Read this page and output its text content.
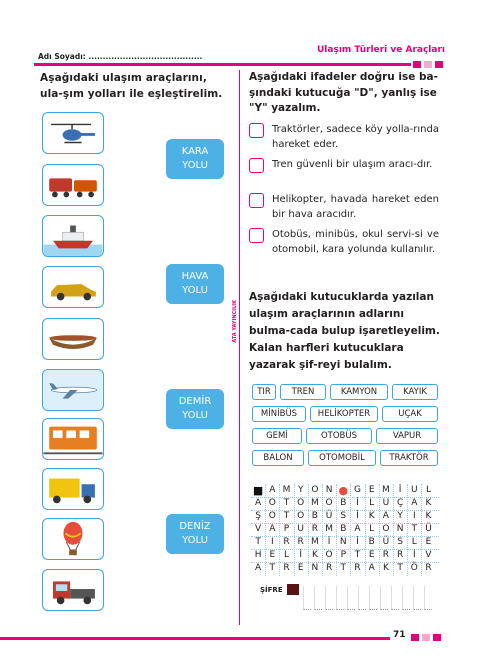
Adı Soyadı: ........................................
Ulaşım Türleri ve Araçları
ATA YAYINCILIK
Aşağıdaki ulaşım araçlarını, ula-şım yolları ile eşleştirelim.
KARA
YOLU
HAVA
YOLU
DEMİR
YOLU
DENİZ
YOLU
Aşağıdaki ifadeler doğru ise ba-şındaki kutucuğa "D", yanlış ise "Y" yazalım.
Traktörler, sadece köy yolla-rında hareket eder.
Tren güvenli bir ulaşım aracı-dır.
Helikopter, havada hareket eden bir hava aracıdır.
Otobüs, minibüs, okul servi-si ve otomobil, kara yolunda kullanılır.
Aşağıdaki kutucuklarda yazılan ulaşım araçlarının adlarını bulma-cada bulup işaretleyelim. Kalan harfleri kutucuklara yazarak şif-reyi bulalım.
TIR	TREN	KAMYON	KAYIK
MİNİBÜS	HELİKOPTER	UÇAK
GEMİ	OTOBÜS	VAPUR
BALON	OTOMOBİL	TRAKTÖR
■ A M Y O N ● G E M	İ	U L
A O T O M O B	İ	L U Ç A K
Ş O T O B Ü S	İ	K A Y	I	K
V A P U R M B A L O N T Ü
T	I	R R M	İ	N	İ	B Ü S L E
H E L	İ	K O P T E R R	İ	V
A T R E N R T R A K T Ö R
ŞİFRE
71
